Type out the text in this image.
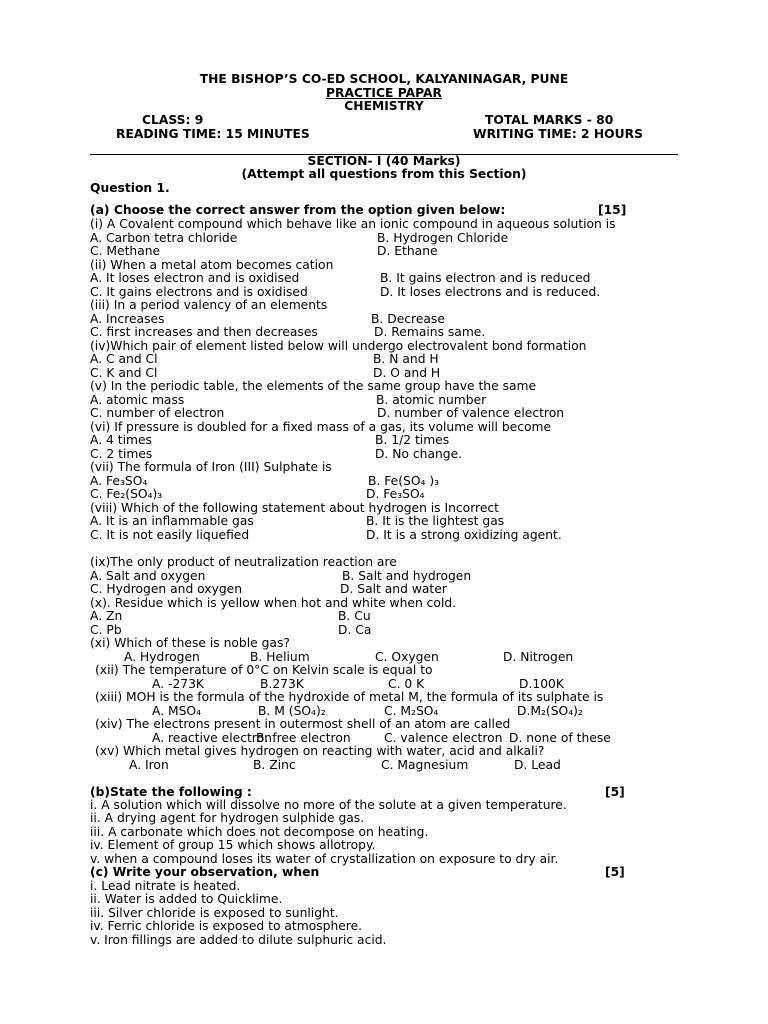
THE BISHOP’S CO-ED SCHOOL, KALYANINAGAR, PUNE
PRACTICE PAPAR
CHEMISTRY
CLASS: 9	TOTAL MARKS - 80
READING TIME: 15 MINUTES	WRITING TIME: 2 HOURS
SECTION- I (40 Marks)
(Attempt all questions from this Section)
Question 1.
(a) Choose the correct answer from the option given below:	[15]
(i) A Covalent compound which behave like an ionic compound in aqueous solution is
A. Carbon tetra chloride	B. Hydrogen Chloride
C. Methane	D. Ethane
(ii) When a metal atom becomes cation
A. It loses electron and is oxidised	B. It gains electron and is reduced
C. It gains electrons and is oxidised	D. It loses electrons and is reduced.
(iii) In a period valency of an elements
A. Increases	B. Decrease
C. first increases and then decreases	D. Remains same.
(iv)Which pair of element listed below will undergo electrovalent bond formation
A. C and Cl	B. N and H
C. K and Cl	D. O and H
(v) In the periodic table, the elements of the same group have the same
A. atomic mass	B. atomic number
C. number of electron	D. number of valence electron
(vi) If pressure is doubled for a fixed mass of a gas, its volume will become
A. 4 times	B. 1/2 times
C. 2 times	D. No change.
(vii) The formula of Iron (III) Sulphate is
A. Fe₃SO₄	B. Fe(SO₄ )₃
C. Fe₂(SO₄)₃	D. Fe₃SO₄
(viii) Which of the following statement about hydrogen is Incorrect
A. It is an inflammable gas	B. It is the lightest gas
C. It is not easily liquefied	D. It is a strong oxidizing agent.
(ix)The only product of neutralization reaction are
A. Salt and oxygen	B. Salt and hydrogen
C. Hydrogen and oxygen	D. Salt and water
(x). Residue which is yellow when hot and white when cold.
A. Zn	B. Cu
C. Pb	D. Ca
(xi) Which of these is noble gas?
A. Hydrogen	B. Helium	C. Oxygen	D. Nitrogen
(xii) The temperature of 0°C on Kelvin scale is equal to
A. -273K	B.273K	C. 0 K	D.100K
(xiii) MOH is the formula of the hydroxide of metal M, the formula of its sulphate is
A. MSO₄	B. M (SO₄)₂	C. M₂SO₄	D.M₂(SO₄)₂
(xiv) The electrons present in outermost shell of an atom are called
A. reactive electron
B. free electron	C. valence electron D. none of these
(xv) Which metal gives hydrogen on reacting with water, acid and alkali?
A. Iron	B. Zinc	C. Magnesium	D. Lead
(b)State the following :	[5]
i. A solution which will dissolve no more of the solute at a given temperature.
ii. A drying agent for hydrogen sulphide gas.
iii. A carbonate which does not decompose on heating.
iv. Element of group 15 which shows allotropy.
v. when a compound loses its water of crystallization on exposure to dry air.
(c) Write your observation, when	[5]
i. Lead nitrate is heated.
ii. Water is added to Quicklime.
iii. Silver chloride is exposed to sunlight.
iv. Ferric chloride is exposed to atmosphere.
v. Iron fillings are added to dilute sulphuric acid.
